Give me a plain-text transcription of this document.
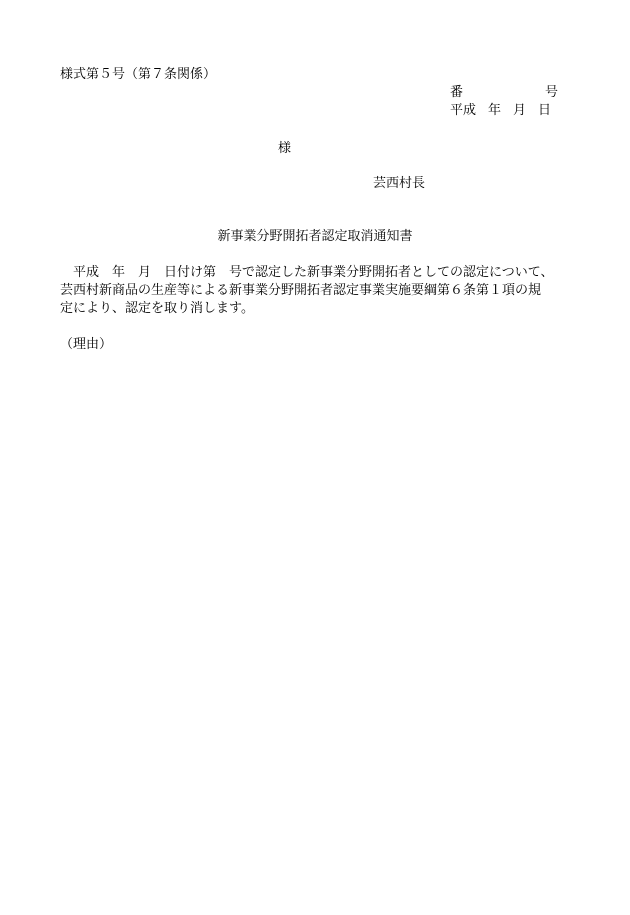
様式第５号（第７条関係）
番	号
平成 年 月 日
様
芸西村長
新事業分野開拓者認定取消通知書
　平成　年　月　日付け第　号で認定した新事業分野開拓者としての認定について、
芸西村新商品の生産等による新事業分野開拓者認定事業実施要綱第６条第１項の規
定により、認定を取り消します。
（理由）
